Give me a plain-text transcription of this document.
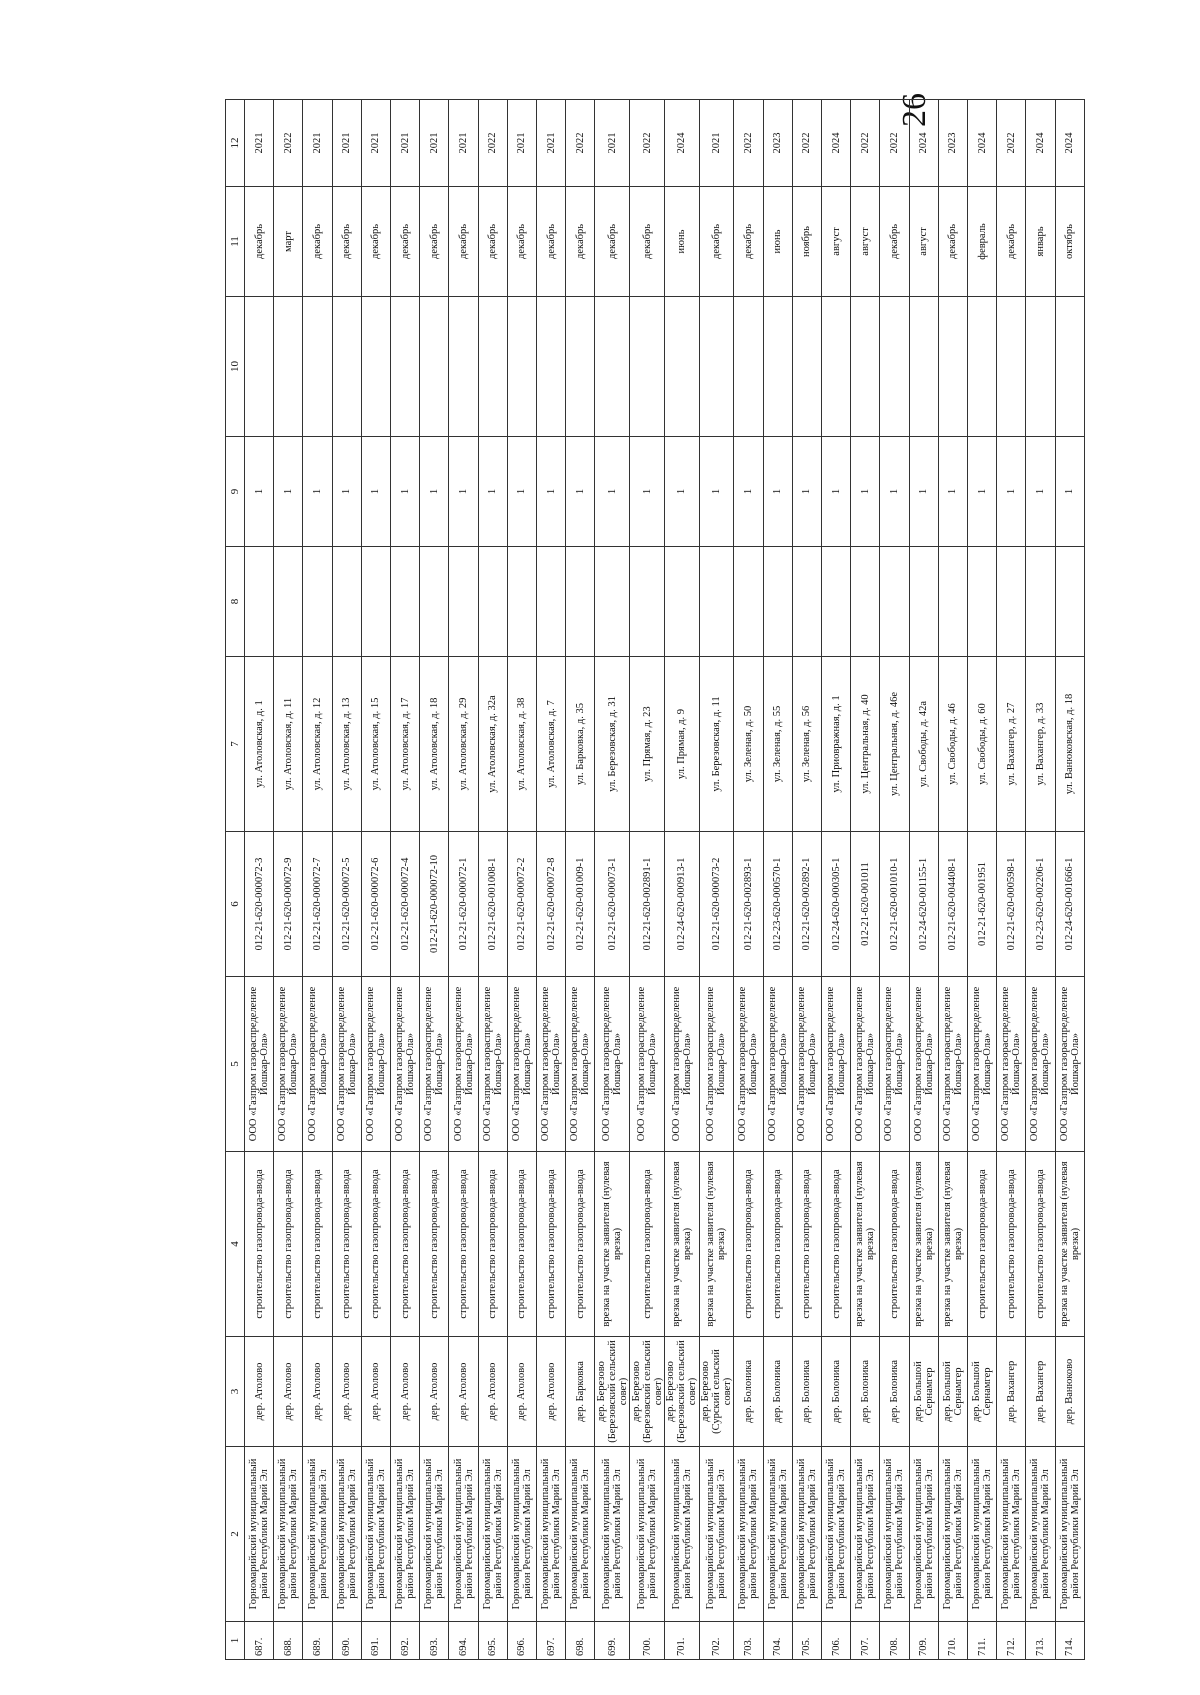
26
1	2	3	4	5	6	7	8	9	10	11	12
687.	Горномарийский муниципальный район Республики Марий Эл	дер. Атолово	строительство газопровода-ввода	ООО «Газпром газораспределение Йошкар-Ола»	012-21-620-000072-3	ул. Атоловская, д. 1		1		декабрь	2021
688.	Горномарийский муниципальный район Республики Марий Эл	дер. Атолово	строительство газопровода-ввода	ООО «Газпром газораспределение Йошкар-Ола»	012-21-620-000072-9	ул. Атоловская, д. 11		1		март	2022
689.	Горномарийский муниципальный район Республики Марий Эл	дер. Атолово	строительство газопровода-ввода	ООО «Газпром газораспределение Йошкар-Ола»	012-21-620-000072-7	ул. Атоловская, д. 12		1		декабрь	2021
690.	Горномарийский муниципальный район Республики Марий Эл	дер. Атолово	строительство газопровода-ввода	ООО «Газпром газораспределение Йошкар-Ола»	012-21-620-000072-5	ул. Атоловская, д. 13		1		декабрь	2021
691.	Горномарийский муниципальный район Республики Марий Эл	дер. Атолово	строительство газопровода-ввода	ООО «Газпром газораспределение Йошкар-Ола»	012-21-620-000072-6	ул. Атоловская, д. 15		1		декабрь	2021
692.	Горномарийский муниципальный район Республики Марий Эл	дер. Атолово	строительство газопровода-ввода	ООО «Газпром газораспределение Йошкар-Ола»	012-21-620-000072-4	ул. Атоловская, д. 17		1		декабрь	2021
693.	Горномарийский муниципальный район Республики Марий Эл	дер. Атолово	строительство газопровода-ввода	ООО «Газпром газораспределение Йошкар-Ола»	012-21-620-000072-10	ул. Атоловская, д. 18		1		декабрь	2021
694.	Горномарийский муниципальный район Республики Марий Эл	дер. Атолово	строительство газопровода-ввода	ООО «Газпром газораспределение Йошкар-Ола»	012-21-620-000072-1	ул. Атоловская, д. 29		1		декабрь	2021
695.	Горномарийский муниципальный район Республики Марий Эл	дер. Атолово	строительство газопровода-ввода	ООО «Газпром газораспределение Йошкар-Ола»	012-21-620-001008-1	ул. Атоловская, д. 32а		1		декабрь	2022
696.	Горномарийский муниципальный район Республики Марий Эл	дер. Атолово	строительство газопровода-ввода	ООО «Газпром газораспределение Йошкар-Ола»	012-21-620-000072-2	ул. Атоловская, д. 38		1		декабрь	2021
697.	Горномарийский муниципальный район Республики Марий Эл	дер. Атолово	строительство газопровода-ввода	ООО «Газпром газораспределение Йошкар-Ола»	012-21-620-000072-8	ул. Атоловская, д. 7		1		декабрь	2021
698.	Горномарийский муниципальный район Республики Марий Эл	дер. Барковка	строительство газопровода-ввода	ООО «Газпром газораспределение Йошкар-Ола»	012-21-620-001009-1	ул. Барковка, д. 35		1		декабрь	2022
699.	Горномарийский муниципальный район Республики Марий Эл	дер. Березово (Березовский сельский совет)	врезка на участке заявителя (нулевая врезка)	ООО «Газпром газораспределение Йошкар-Ола»	012-21-620-000073-1	ул. Березовская, д. 31		1		декабрь	2021
700.	Горномарийский муниципальный район Республики Марий Эл	дер. Березово (Березовский сельский совет)	строительство газопровода-ввода	ООО «Газпром газораспределение Йошкар-Ола»	012-21-620-002891-1	ул. Прямая, д. 23		1		декабрь	2022
701.	Горномарийский муниципальный район Республики Марий Эл	дер. Березово (Березовский сельский совет)	врезка на участке заявителя (нулевая врезка)	ООО «Газпром газораспределение Йошкар-Ола»	012-24-620-000913-1	ул. Прямая, д. 9		1		июнь	2024
702.	Горномарийский муниципальный район Республики Марий Эл	дер. Березово (Сурский сельский совет)	врезка на участке заявителя (нулевая врезка)	ООО «Газпром газораспределение Йошкар-Ола»	012-21-620-000073-2	ул. Березовская, д. 11		1		декабрь	2021
703.	Горномарийский муниципальный район Республики Марий Эл	дер. Болоника	строительство газопровода-ввода	ООО «Газпром газораспределение Йошкар-Ола»	012-21-620-002893-1	ул. Зеленая, д. 50		1		декабрь	2022
704.	Горномарийский муниципальный район Республики Марий Эл	дер. Болоника	строительство газопровода-ввода	ООО «Газпром газораспределение Йошкар-Ола»	012-23-620-000570-1	ул. Зеленая, д. 55		1		июнь	2023
705.	Горномарийский муниципальный район Республики Марий Эл	дер. Болоника	строительство газопровода-ввода	ООО «Газпром газораспределение Йошкар-Ола»	012-21-620-002892-1	ул. Зеленая, д. 56		1		ноябрь	2022
706.	Горномарийский муниципальный район Республики Марий Эл	дер. Болоника	строительство газопровода-ввода	ООО «Газпром газораспределение Йошкар-Ола»	012-24-620-000305-1	ул. Приовражная, д. 1		1		август	2024
707.	Горномарийский муниципальный район Республики Марий Эл	дер. Болоника	врезка на участке заявителя (нулевая врезка)	ООО «Газпром газораспределение Йошкар-Ола»	012-21-620-001011	ул. Центральная, д. 40		1		август	2022
708.	Горномарийский муниципальный район Республики Марий Эл	дер. Болоника	строительство газопровода-ввода	ООО «Газпром газораспределение Йошкар-Ола»	012-21-620-001010-1	ул. Центральная, д. 46е		1		декабрь	2022
709.	Горномарийский муниципальный район Республики Марий Эл	дер. Большой Сернамгер	врезка на участке заявителя (нулевая врезка)	ООО «Газпром газораспределение Йошкар-Ола»	012-24-620-001155-1	ул. Свободы, д. 42а		1		август	2024
710.	Горномарийский муниципальный район Республики Марий Эл	дер. Большой Сернамгер	врезка на участке заявителя (нулевая врезка)	ООО «Газпром газораспределение Йошкар-Ола»	012-21-620-004408-1	ул. Свободы, д. 46		1		декабрь	2023
711.	Горномарийский муниципальный район Республики Марий Эл	дер. Большой Сернамгер	строительство газопровода-ввода	ООО «Газпром газораспределение Йошкар-Ола»	012-21-620-001951	ул. Свободы, д. 60		1		февраль	2024
712.	Горномарийский муниципальный район Республики Марий Эл	дер. Вахангер	строительство газопровода-ввода	ООО «Газпром газораспределение Йошкар-Ола»	012-21-620-000598-1	ул. Вахангер, д. 27		1		декабрь	2022
713.	Горномарийский муниципальный район Республики Марий Эл	дер. Вахангер	строительство газопровода-ввода	ООО «Газпром газораспределение Йошкар-Ола»	012-23-620-002206-1	ул. Вахангер, д. 33		1		январь	2024
714.	Горномарийский муниципальный район Республики Марий Эл	дер. Ванюково	врезка на участке заявителя (нулевая врезка)	ООО «Газпром газораспределение Йошкар-Ола»	012-24-620-001666-1	ул. Ванюковская, д. 18		1		октябрь	2024
